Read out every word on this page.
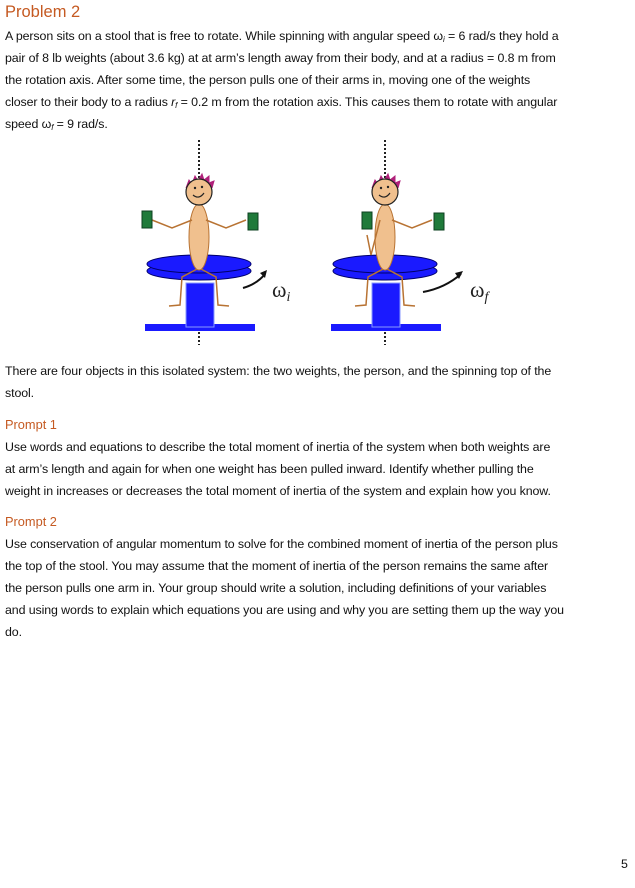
Problem 2
A person sits on a stool that is free to rotate. While spinning with angular speed $\omega_i = 6$ rad/s they hold a
pair of 8 lb weights (about 3.6 kg) at at arm’s length away from their body, and at a radius = 0.8 m from
the rotation axis. After some time, the person pulls one of their arms in, moving one of the weights
closer to their body to a radius $r_f = 0.2$ m from the rotation axis. This causes them to rotate with angular
speed $\omega_f = 9$ rad/s.
ωi	ωf
There are four objects in this isolated system: the two weights, the person, and the spinning top of the
stool.
Prompt 1
Use words and equations to describe the total moment of inertia of the system when both weights are
at arm’s length and again for when one weight has been pulled inward. Identify whether pulling the
weight in increases or decreases the total moment of inertia of the system and explain how you know.
Prompt 2
Use conservation of angular momentum to solve for the combined moment of inertia of the person plus
the top of the stool. You may assume that the moment of inertia of the person remains the same after
the person pulls one arm in. Your group should write a solution, including definitions of your variables
and using words to explain which equations you are using and why you are setting them up the way you
do.
5
